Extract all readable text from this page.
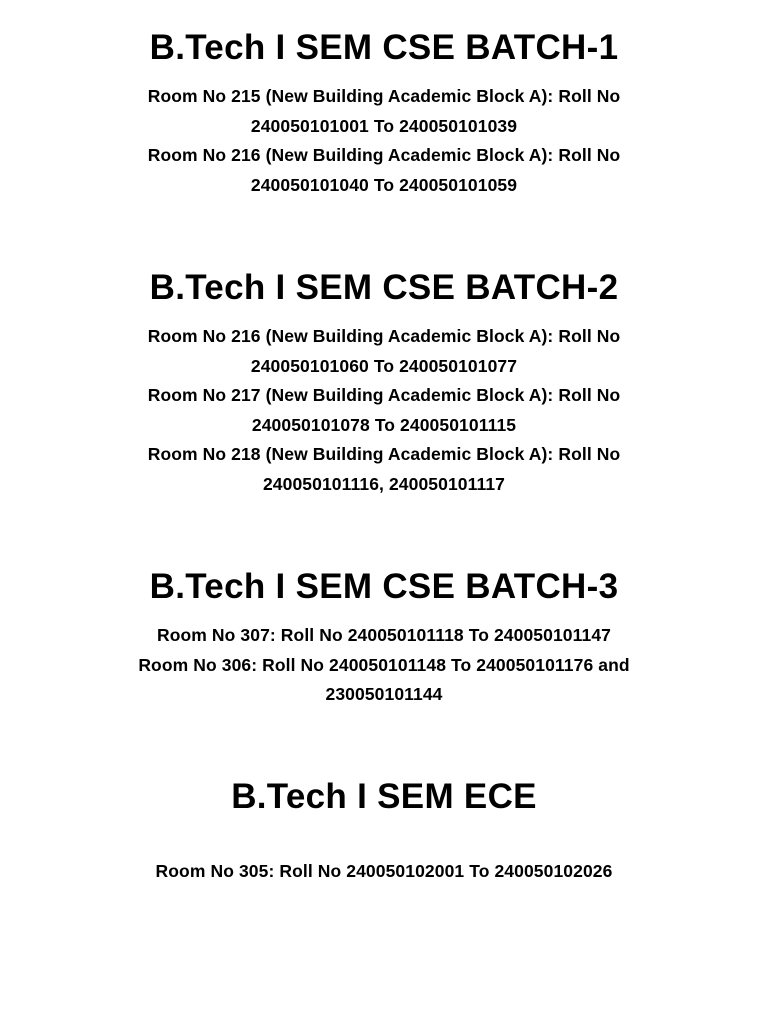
B.Tech I SEM CSE BATCH-1
Room No 215 (New Building Academic Block A): Roll No
240050101001 To 240050101039
Room No 216 (New Building Academic Block A): Roll No
240050101040 To 240050101059
B.Tech I SEM CSE BATCH-2
Room No 216 (New Building Academic Block A): Roll No
240050101060 To 240050101077
Room No 217 (New Building Academic Block A): Roll No
240050101078 To 240050101115
Room No 218 (New Building Academic Block A): Roll No
240050101116, 240050101117
B.Tech I SEM CSE BATCH-3
Room No 307: Roll No 240050101118 To 240050101147
Room No 306: Roll No 240050101148 To 240050101176 and
230050101144
B.Tech I SEM ECE
Room No 305: Roll No 240050102001 To 240050102026
